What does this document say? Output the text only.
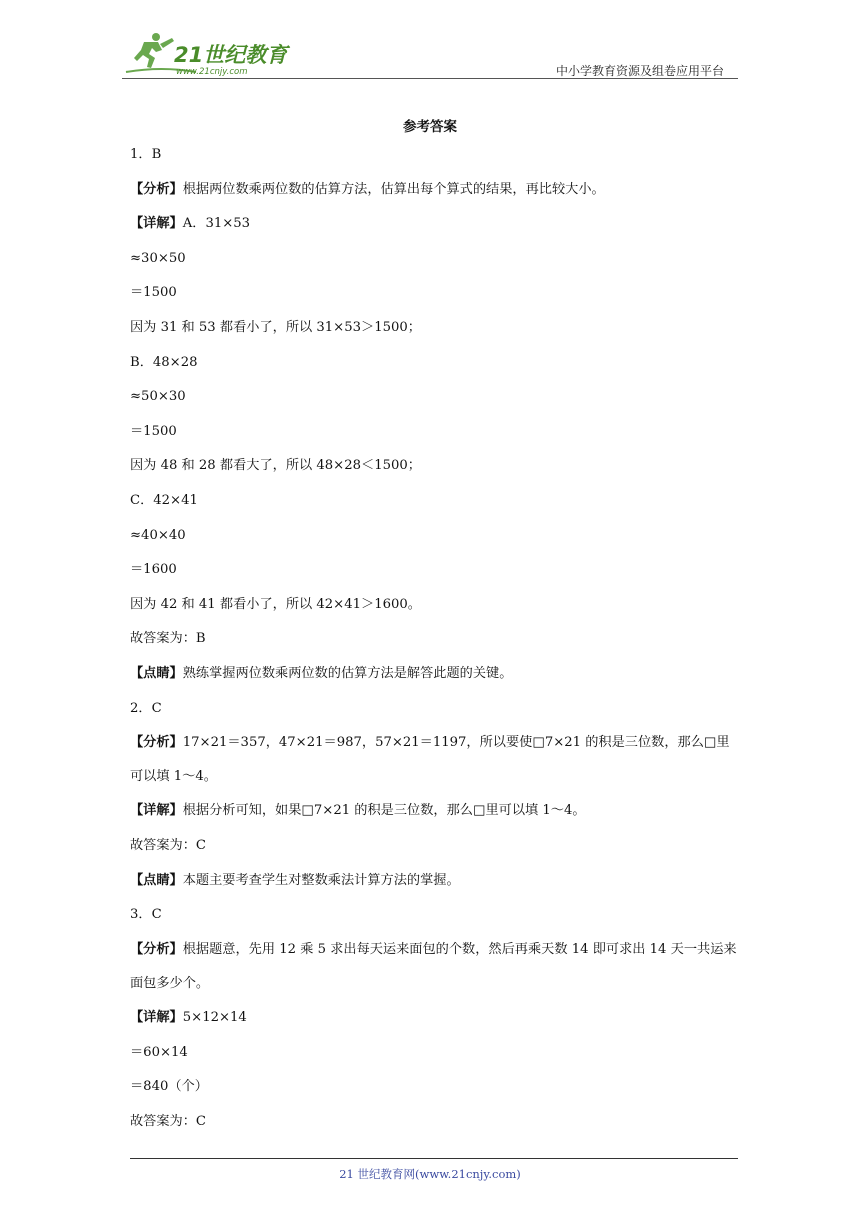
21世纪教育
www.21cnjy.com	中小学教育资源及组卷应用平台
参考答案
1．B
【分析】根据两位数乘两位数的估算方法，估算出每个算式的结果，再比较大小。
【详解】A．31×53
≈30×50
＝1500
因为 31 和 53 都看小了，所以 31×53＞1500；
B．48×28
≈50×30
＝1500
因为 48 和 28 都看大了，所以 48×28＜1500；
C．42×41
≈40×40
＝1600
因为 42 和 41 都看小了，所以 42×41＞1600。
故答案为：B
【点睛】熟练掌握两位数乘两位数的估算方法是解答此题的关键。
2．C
【分析】17×21＝357，47×21＝987，57×21＝1197，所以要使□7×21 的积是三位数，那么□里可以填 1～4。
【详解】根据分析可知，如果□7×21 的积是三位数，那么□里可以填 1～4。
故答案为：C
【点睛】本题主要考查学生对整数乘法计算方法的掌握。
3．C
【分析】根据题意，先用 12 乘 5 求出每天运来面包的个数，然后再乘天数 14 即可求出 14 天一共运来面包多少个。
【详解】5×12×14
＝60×14
＝840（个）
故答案为：C
21 世纪教育网(www.21cnjy.com)
